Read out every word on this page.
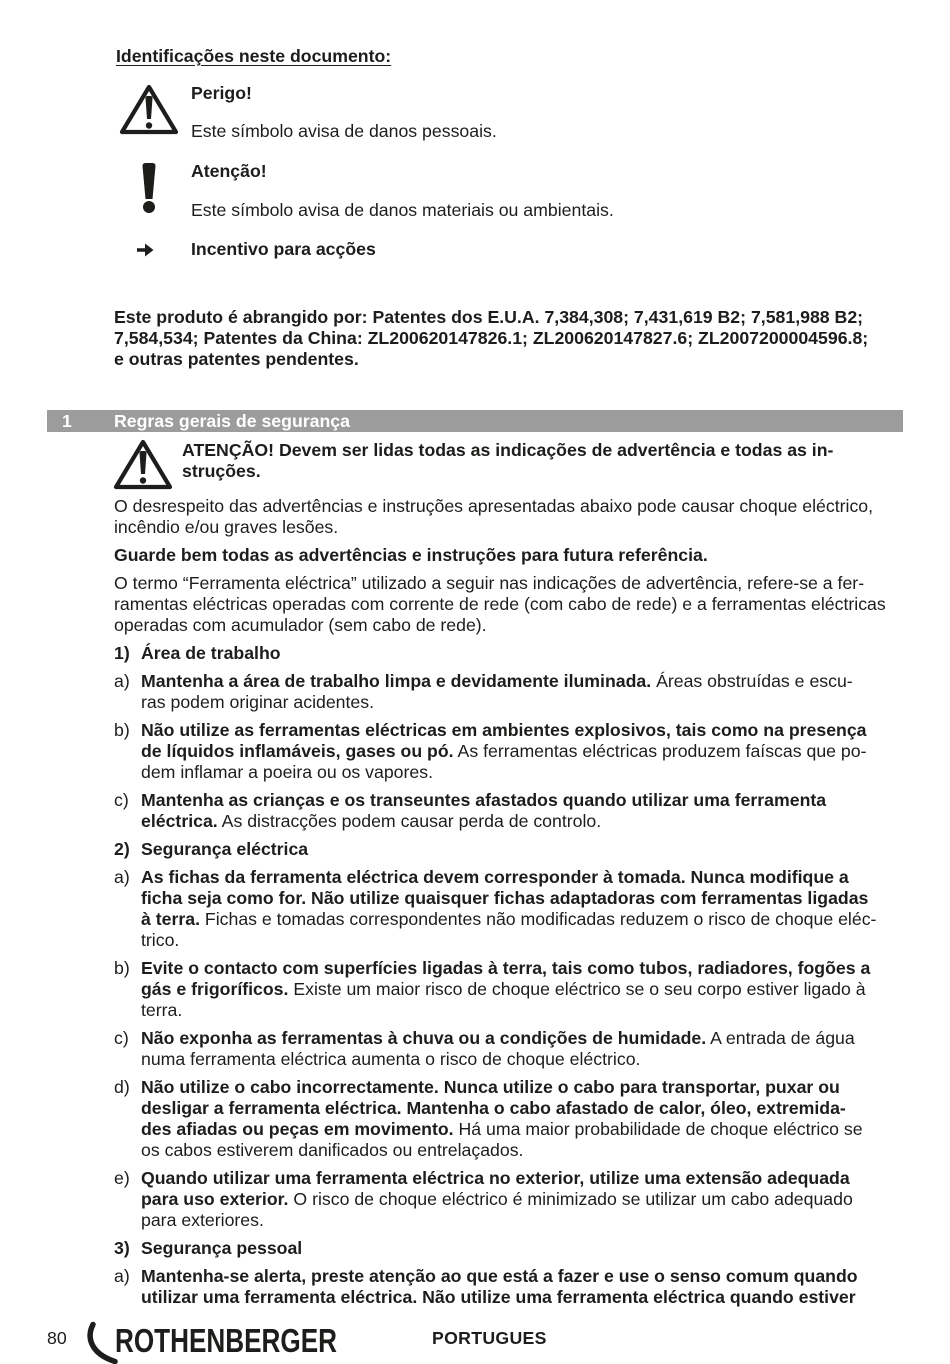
Identificações neste documento:
Perigo!
Este símbolo avisa de danos pessoais.
Atenção!
Este símbolo avisa de danos materiais ou ambientais.
Incentivo para acções
Este produto é abrangido por: Patentes dos E.U.A. 7,384,308; 7,431,619 B2; 7,581,988 B2;
7,584,534; Patentes da China: ZL200620147826.1; ZL200620147827.6; ZL2007200004596.8;
e outras patentes pendentes.
1 Regras gerais de segurança
ATENÇÃO! Devem ser lidas todas as indicações de advertência e todas as in-
struções.
O desrespeito das advertências e instruções apresentadas abaixo pode causar choque eléctrico,
incêndio e/ou graves lesões.
Guarde bem todas as advertências e instruções para futura referência.
O termo “Ferramenta eléctrica” utilizado a seguir nas indicações de advertência, refere-se a fer-
ramentas eléctricas operadas com corrente de rede (com cabo de rede) e a ferramentas eléctricas
operadas com acumulador (sem cabo de rede).
1) Área de trabalho
a) Mantenha a área de trabalho limpa e devidamente iluminada. Áreas obstruídas e escu-
ras podem originar acidentes.
b) Não utilize as ferramentas eléctricas em ambientes explosivos, tais como na presença
de líquidos inflamáveis, gases ou pó. As ferramentas eléctricas produzem faíscas que po-
dem inflamar a poeira ou os vapores.
c) Mantenha as crianças e os transeuntes afastados quando utilizar uma ferramenta
eléctrica. As distracções podem causar perda de controlo.
2) Segurança eléctrica
a) As fichas da ferramenta eléctrica devem corresponder à tomada. Nunca modifique a
ficha seja como for. Não utilize quaisquer fichas adaptadoras com ferramentas ligadas
à terra. Fichas e tomadas correspondentes não modificadas reduzem o risco de choque eléc-
trico.
b) Evite o contacto com superfícies ligadas à terra, tais como tubos, radiadores, fogões a
gás e frigoríficos. Existe um maior risco de choque eléctrico se o seu corpo estiver ligado à
terra.
c) Não exponha as ferramentas à chuva ou a condições de humidade. A entrada de água
numa ferramenta eléctrica aumenta o risco de choque eléctrico.
d) Não utilize o cabo incorrectamente. Nunca utilize o cabo para transportar, puxar ou
desligar a ferramenta eléctrica. Mantenha o cabo afastado de calor, óleo, extremida-
des afiadas ou peças em movimento. Há uma maior probabilidade de choque eléctrico se
os cabos estiverem danificados ou entrelaçados.
e) Quando utilizar uma ferramenta eléctrica no exterior, utilize uma extensão adequada
para uso exterior. O risco de choque eléctrico é minimizado se utilizar um cabo adequado
para exteriores.
3) Segurança pessoal
a) Mantenha-se alerta, preste atenção ao que está a fazer e use o senso comum quando
utilizar uma ferramenta eléctrica. Não utilize uma ferramenta eléctrica quando estiver
80 ROTHENBERGER	PORTUGUES
